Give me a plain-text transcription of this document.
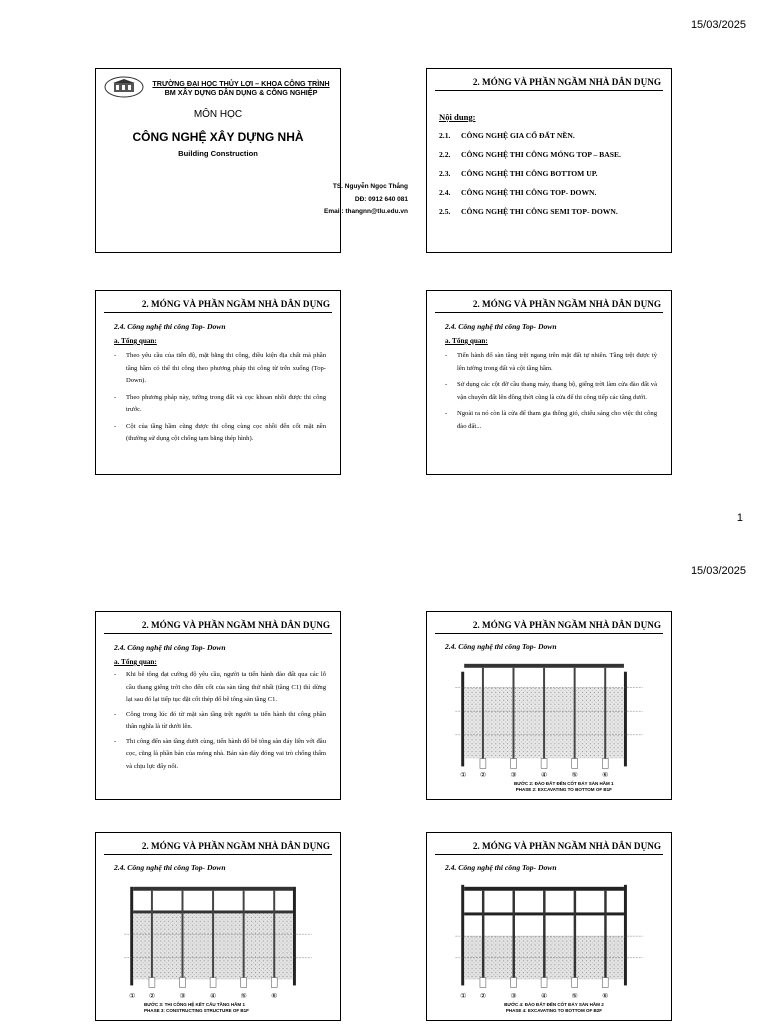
15/03/2025
TRƯỜNG ĐẠI HỌC THỦY LỢI – KHOA CÔNG TRÌNH
BM XÂY DỰNG DÂN DỤNG & CÔNG NGHIỆP
MÔN HỌC
CÔNG NGHỆ XÂY DỰNG NHÀ
Building Construction
TS. Nguyễn Ngọc Thắng
DĐ: 0912 640 081
Email: thangnn@tlu.edu.vn
2. MÓNG VÀ PHẦN NGẦM NHÀ DÂN DỤNG
Nội dung:
2.1. CÔNG NGHỆ GIA CỐ ĐẤT NỀN.
2.2. CÔNG NGHỆ THI CÔNG MÓNG TOP – BASE.
2.3. CÔNG NGHỆ THI CÔNG BOTTOM UP.
2.4. CÔNG NGHỆ THI CÔNG TOP- DOWN.
2.5. CÔNG NGHỆ THI CÔNG SEMI TOP- DOWN.
2. MÓNG VÀ PHẦN NGẦM NHÀ DÂN DỤNG
2.4. Công nghệ thi công Top- Down
a. Tổng quan:
- Theo yêu cầu của tiến độ, mặt bằng thi công, điều kiện địa chất mà phần tầng hầm có thể thi công theo phương pháp thi công từ trên xuống (Top- Down).
- Theo phương pháp này, tường trong đất và cọc khoan nhồi được thi công trước.
- Cột của tầng hầm cũng được thi công cùng cọc nhồi đến cốt mặt nền (thường sử dụng cột chống tạm bằng thép hình).
2. MÓNG VÀ PHẦN NGẦM NHÀ DÂN DỤNG
2.4. Công nghệ thi công Top- Down
a. Tổng quan:
- Tiến hành đổ sàn tầng trệt ngang trên mặt đất tự nhiên. Tầng trệt được tỳ lên tường trong đất và cột tầng hầm.
- Sử dụng các cột đỡ cầu thang máy, thang bộ, giếng trời làm cửa đào đất và vận chuyển đất lên đồng thời cũng là cửa để thi công tiếp các tầng dưới.
- Ngoài ra nó còn là cửa để tham gia thông gió, chiếu sáng cho việc thi công đào đất...
1
15/03/2025
2. MÓNG VÀ PHẦN NGẦM NHÀ DÂN DỤNG
2.4. Công nghệ thi công Top- Down
a. Tổng quan:
- Khi bê tông đạt cường độ yêu cầu, người ta tiến hành đào đất qua các lỗ cầu thang giếng trời cho đến cốt của sàn tầng thứ nhất (tầng C1) thì dừng lại sau đó lại tiếp tục đặt cốt thép đổ bê tông sàn tầng C1.
- Công trong lúc đó từ mặt sàn tầng trệt người ta tiến hành thi công phần thân nghĩa là từ dưới lên.
- Thi công đến sàn tầng dưới cùng, tiến hành đổ bê tông sàn đáy liền với đầu cọc, cũng là phần bản của móng nhà. Bản sàn đáy đóng vai trò chống thấm và chịu lực đẩy nổi.
2. MÓNG VÀ PHẦN NGẦM NHÀ DÂN DỤNG
2.4. Công nghệ thi công Top- Down
① ②	③	④	⑤	⑥
BƯỚC 2: ĐÀO ĐẤT ĐẾN CỐT ĐÁY SÀN HẦM 1
PHASE 2: EXCAVATING TO BOTTOM OF B1F
2. MÓNG VÀ PHẦN NGẦM NHÀ DÂN DỤNG
2.4. Công nghệ thi công Top- Down
① ②	③	④	⑤	⑥
BƯỚC 3: THI CÔNG HỆ KẾT CẤU TẦNG HẦM 1
PHASE 3: CONSTRUCTING STRUCTURE OF B1F
2. MÓNG VÀ PHẦN NGẦM NHÀ DÂN DỤNG
2.4. Công nghệ thi công Top- Down
① ②	③	④	⑤	⑥
BƯỚC 4: ĐÀO ĐẤT ĐẾN CỐT ĐÁY SÀN HẦM 2
PHASE 4: EXCAVATING TO BOTTOM OF B2F
